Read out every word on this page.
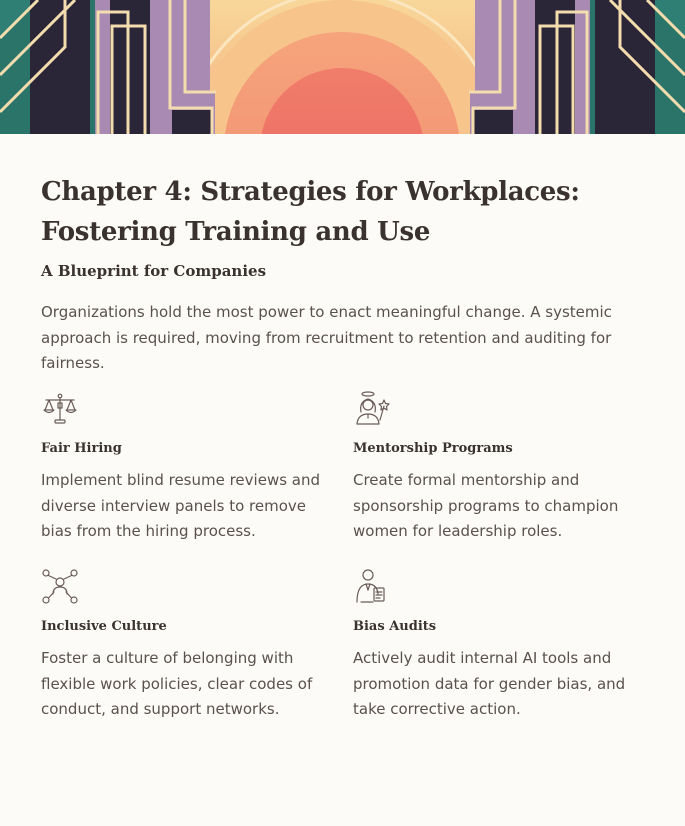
Chapter 4: Strategies for Workplaces: Fostering Training and Use
A Blueprint for Companies

Organizations hold the most power to enact meaningful change. A systemic approach is required, moving from recruitment to retention and auditing for fairness.

Fair Hiring

Implement blind resume reviews and diverse interview panels to remove bias from the hiring process.

Mentorship Programs

Create formal mentorship and sponsorship programs to champion women for leadership roles.

Inclusive Culture

Foster a culture of belonging with flexible work policies, clear codes of conduct, and support networks.

Bias Audits

Actively audit internal AI tools and promotion data for gender bias, and take corrective action.
